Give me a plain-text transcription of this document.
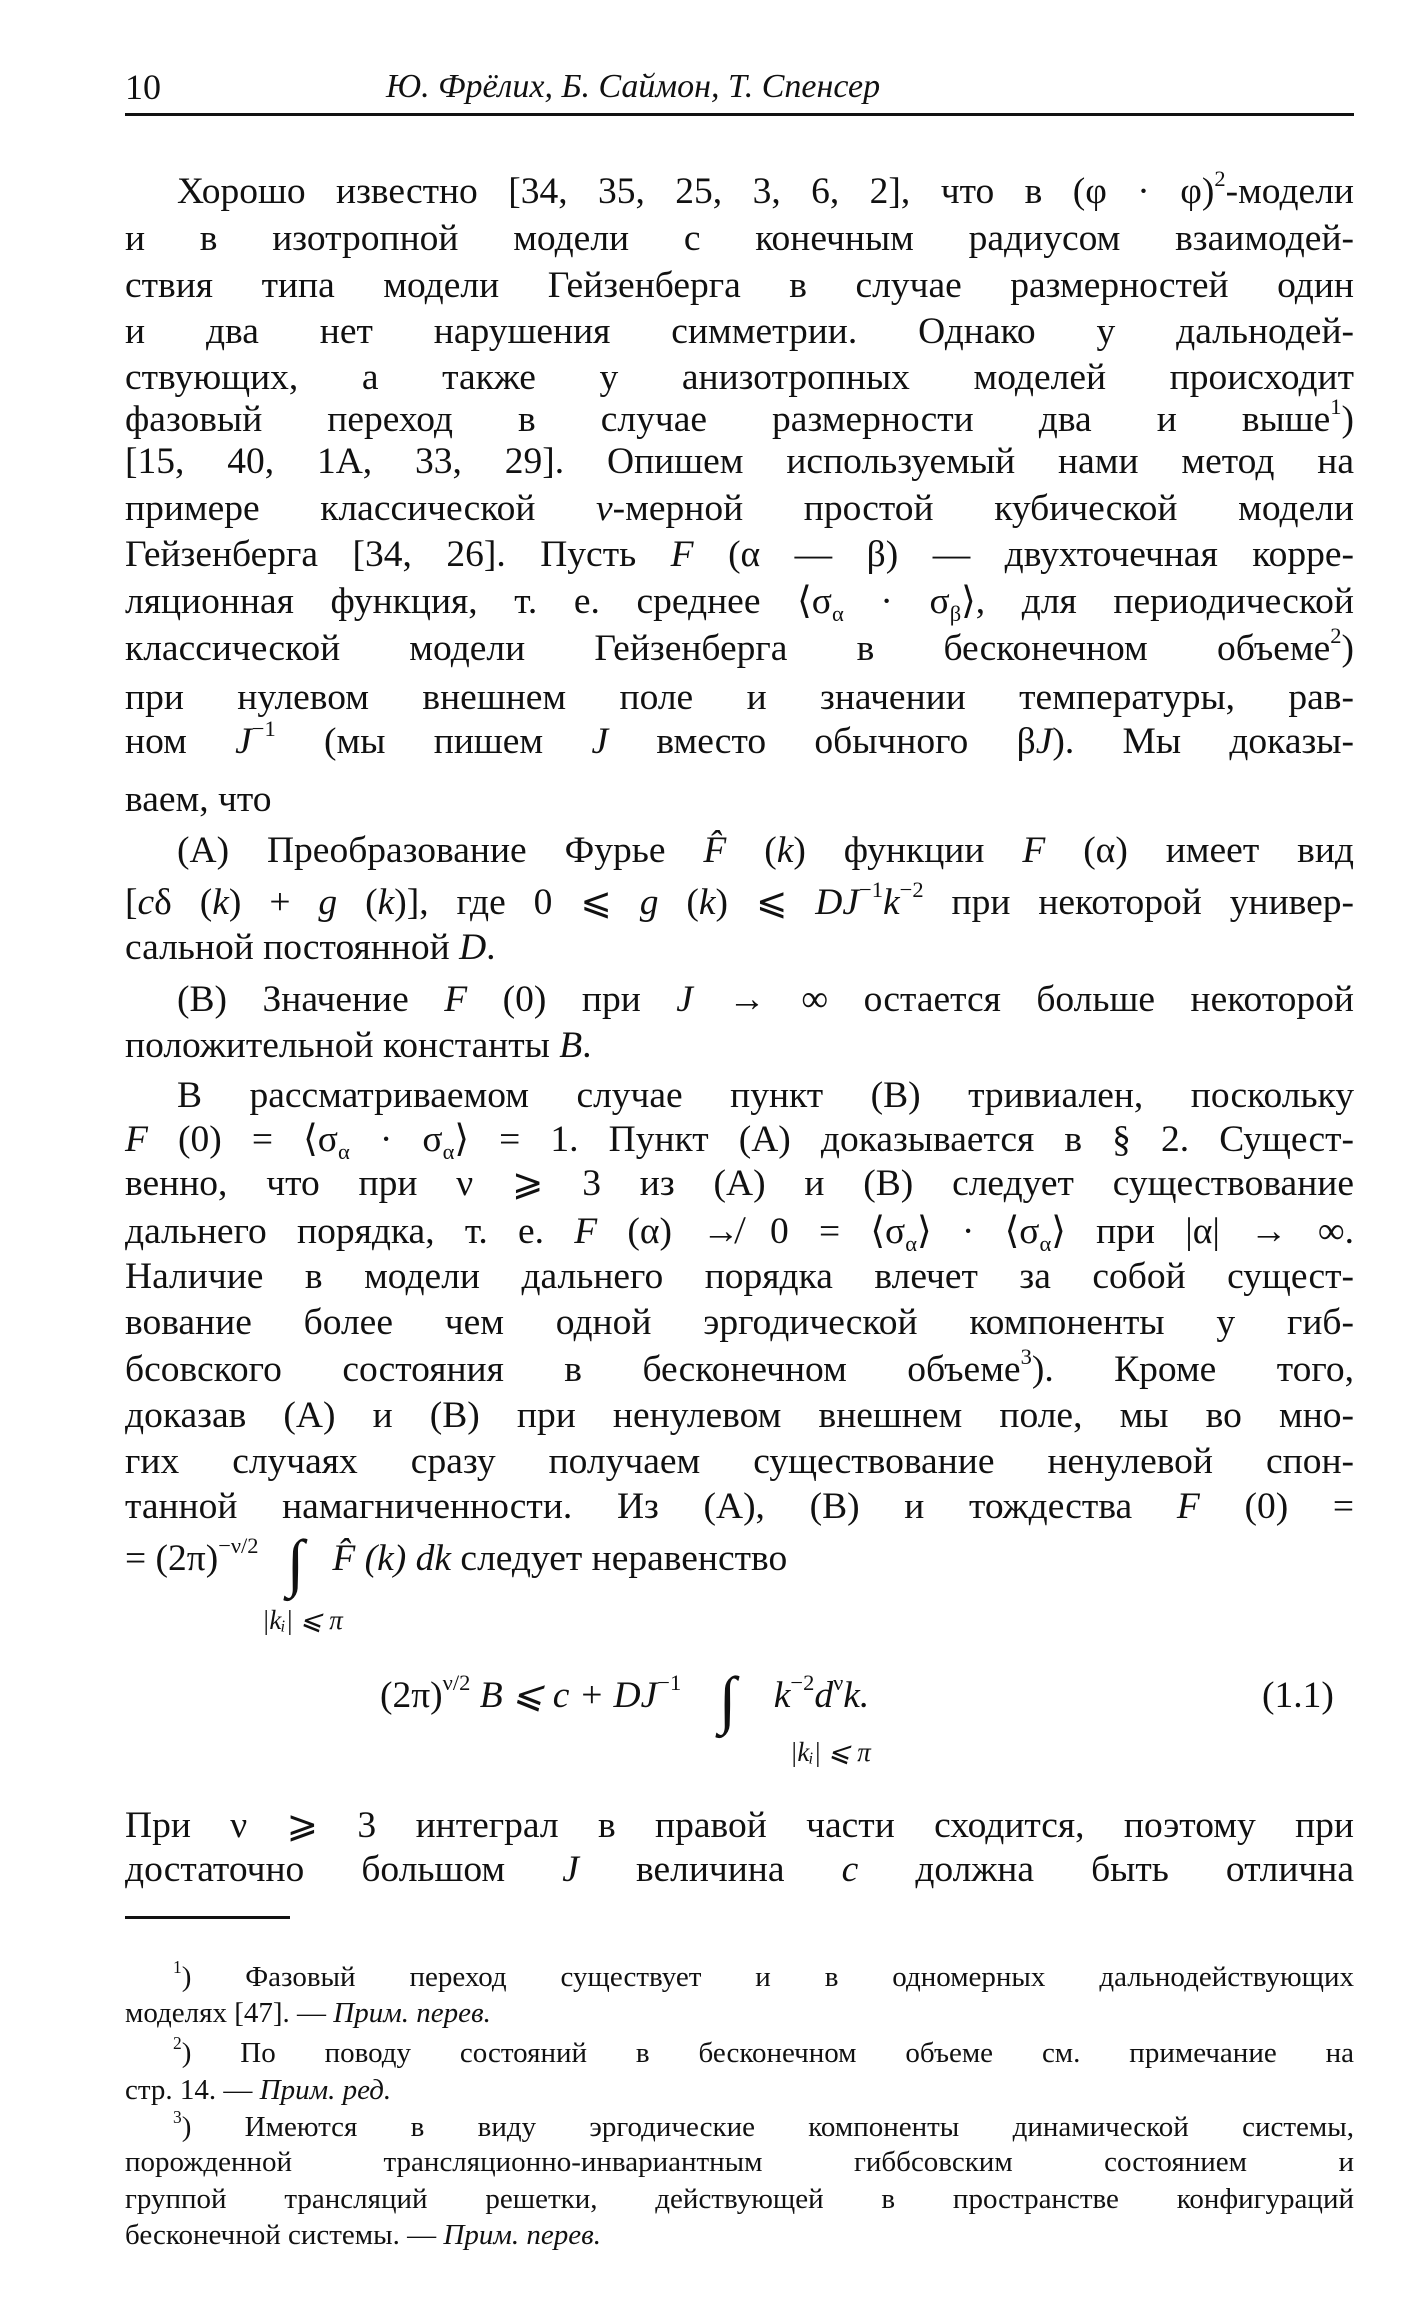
10	Ю. Фрёлих, Б. Саймон, Т. Спенсер
Хорошо известно [34, 35, 25, 3, 6, 2], что в $(\varphi \cdot \varphi)^2$-модели
и в изотропной модели с конечным радиусом взаимодей-
ствия типа модели Гейзенберга в случае размерностей один
и два нет нарушения симметрии. Однако у дальнодей-
ствующих, а также у анизотропных моделей происходит
фазовый переход в случае размерности два и выше$^1$)
[15, 40, 1A, 33, 29]. Опишем используемый нами метод на
примере классической ν-мерной простой кубической модели
Гейзенберга [34, 26]. Пусть F (α — β) — двухточечная корре-
ляционная функция, т. е. среднее $⟨\sigma_\alpha$ · $\sigma_\beta⟩$, для периодической
классической модели Гейзенберга в бесконечном объеме$^2$)
при нулевом внешнем поле и значении температуры, рав-
ном $J^{-1}$ (мы пишем J вместо обычного βJ). Мы доказы-
ваем, что
(A) Преобразование Фурье F̂ (k) функции F (α) имеет вид
[cδ (k) + g (k)], где 0 ⩽ g (k) ⩽ $DJ^{-1}k^{-2}$ при некоторой универ-
сальной постоянной D.
(B) Значение F (0) при J → ∞ остается больше некоторой
положительной константы B.
В рассматриваемом случае пункт (B) тривиален, поскольку
F $(0) = ⟨\sigma_\alpha$ · $\sigma_\alpha⟩ = 1$. Пункт (A) доказывается в § 2. Сущест-
венно, что при ν ⩾ 3 из (A) и (B) следует существование
дальнего порядка, т. е. F (α) ↛ $0 = ⟨\sigma_\alpha⟩$ · $⟨\sigma_\alpha⟩$ при |α| → ∞.
Наличие в модели дальнего порядка влечет за собой сущест-
вование более чем одной эргодической компоненты у гиб-
бсовского состояния в бесконечном объеме$^3$). Кроме того,
доказав (A) и (B) при ненулевом внешнем поле, мы во мно-
гих случаях сразу получаем существование ненулевой спон-
танной намагниченности. Из (A), (B) и тождества F (0) =
= $(2\pi)^{-\nu/2}$ ∫ F̂ (k) dk следует неравенство
|kᵢ| ⩽ π
$(2\pi)^{\nu/2}$ B ⩽ $c + DJ^{-1}$ ∫ $k^{-2}d^\nu k$.	(1.1)
|kᵢ| ⩽ π
При ν ⩾ 3 интеграл в правой части сходится, поэтому при
достаточно большом J величина c должна быть отлична
$^1$) Фазовый переход существует и в одномерных дальнодействующих
моделях [47]. — Прим. перев.
$^2$) По поводу состояний в бесконечном объеме см. примечание на
стр. 14. — Прим. ред.
$^3$) Имеются в виду эргодические компоненты динамической системы,
порожденной трансляционно-инвариантным гиббсовским состоянием и
группой трансляций решетки, действующей в пространстве конфигураций
бесконечной системы. — Прим. перев.
